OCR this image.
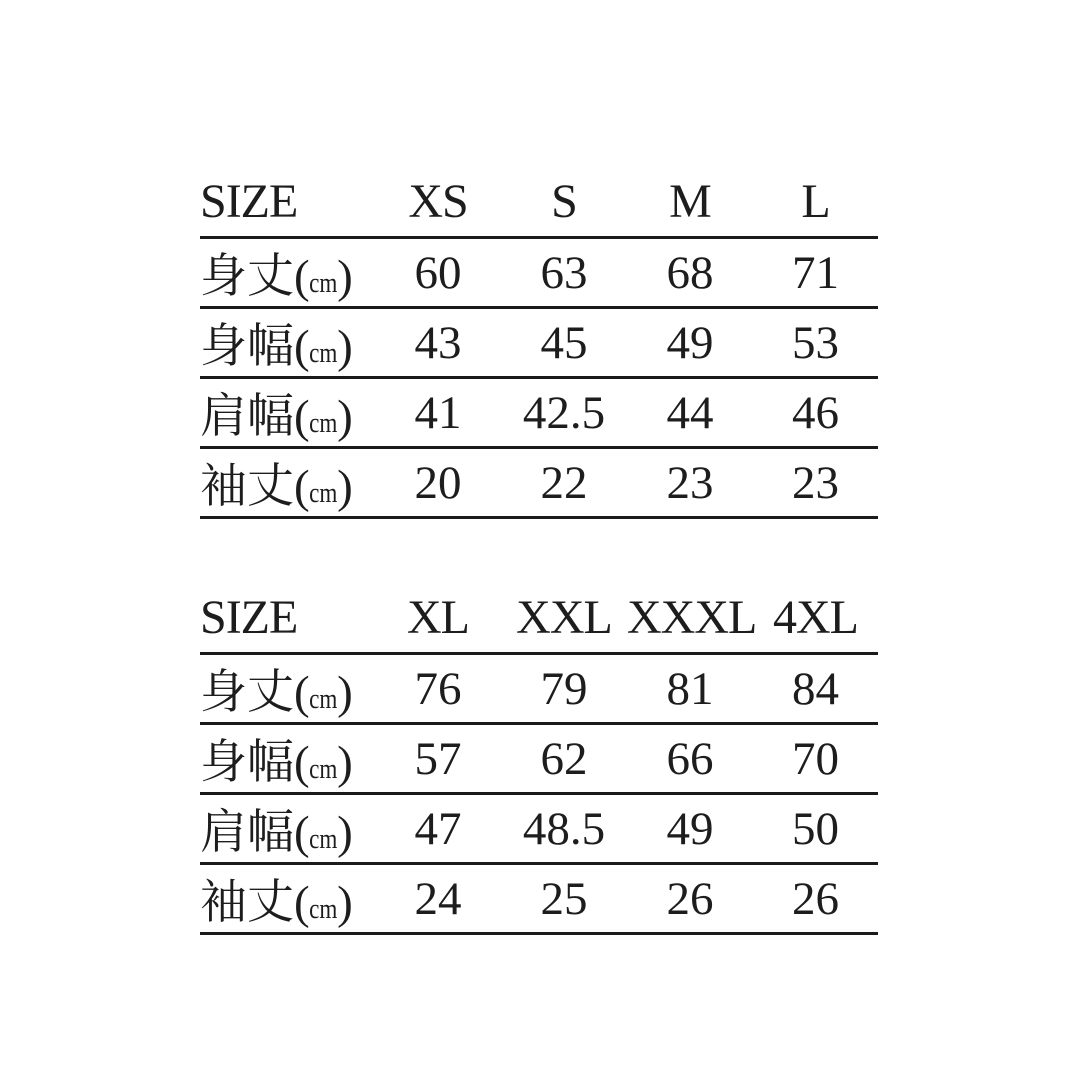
SIZE	XS	S	M	L
身丈(cm)	60	63	68	71
身幅(cm)	43	45	49	53
肩幅(cm)	41	42.5	44	46
袖丈(cm)	20	22	23	23
SIZE	XL	XXL	XXXL	4XL
身丈(cm)	76	79	81	84
身幅(cm)	57	62	66	70
肩幅(cm)	47	48.5	49	50
袖丈(cm)	24	25	26	26
